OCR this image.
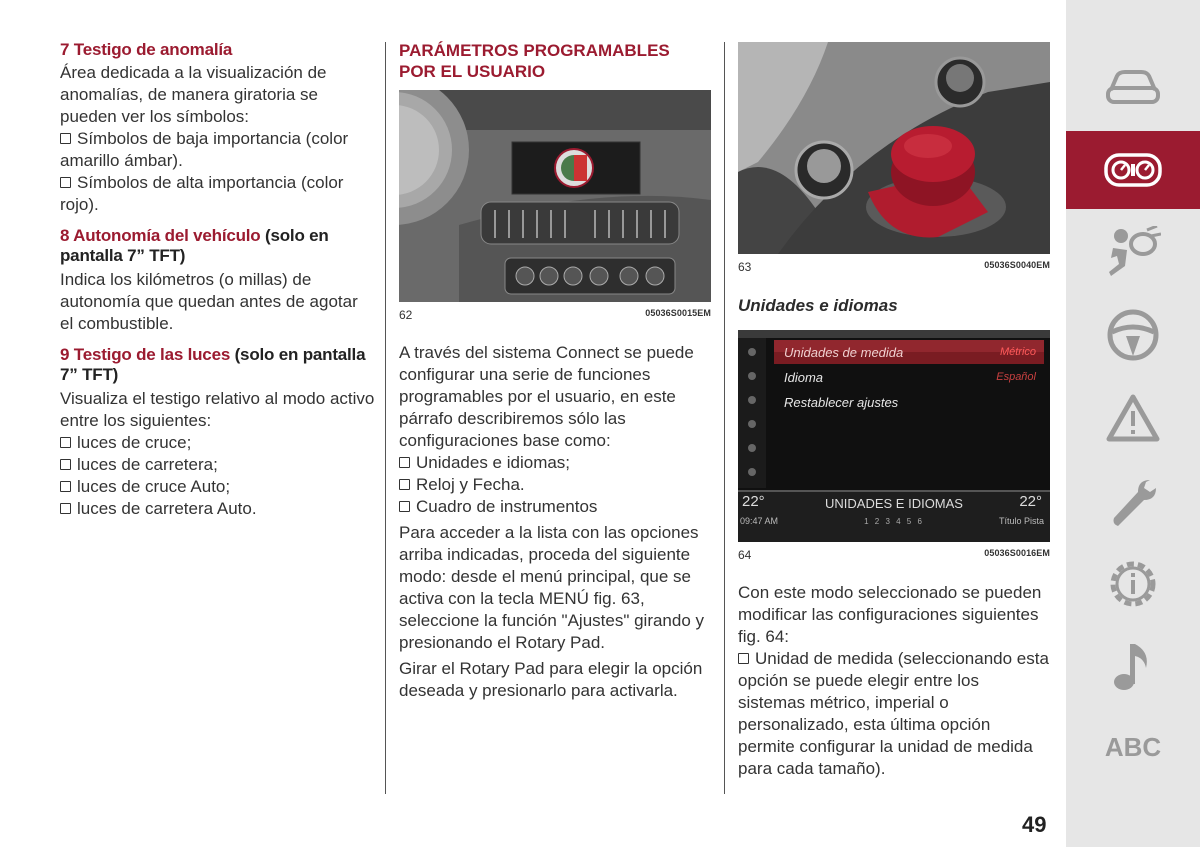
7 Testigo de anomalía

Área dedicada a la visualización de anomalías, de manera giratoria se pueden ver los símbolos:

Símbolos de baja importancia (color amarillo ámbar).

Símbolos de alta importancia (color rojo).

8 Autonomía del vehículo (solo en pantalla 7” TFT)

Indica los kilómetros (o millas) de autonomía que quedan antes de agotar el combustible.

9 Testigo de las luces (solo en pantalla 7” TFT)

Visualiza el testigo relativo al modo activo entre los siguientes:

luces de cruce;

luces de carretera;

luces de cruce Auto;

luces de carretera Auto.

PARÁMETROS PROGRAMABLES POR EL USUARIO
62	05036S0015EM

A través del sistema Connect se puede configurar una serie de funciones programables por el usuario, en este párrafo describiremos sólo las configuraciones base como:

Unidades e idiomas;

Reloj y Fecha.

Cuadro de instrumentos

Para acceder a la lista con las opciones arriba indicadas, proceda del siguiente modo: desde el menú principal, que se activa con la tecla MENÚ fig. 63, seleccione la función "Ajustes" girando y presionando el Rotary Pad.

Girar el Rotary Pad para elegir la opción deseada y presionarlo para activarla.

63	05036S0040EM

Unidades e idiomas

Unidades de medida	Métrico
Idioma	Español
Restablecer ajustes
22°	22°
UNIDADES E IDIOMAS
09:47 AM	1 2 3 4 5 6	Título Pista
64	05036S0016EM

Con este modo seleccionado se pueden modificar las configuraciones siguientes fig. 64:

Unidad de medida (seleccionando esta opción se puede elegir entre los sistemas métrico, imperial o personalizado, esta última opción permite configurar la unidad de medida para cada tamaño).

ABC
49
